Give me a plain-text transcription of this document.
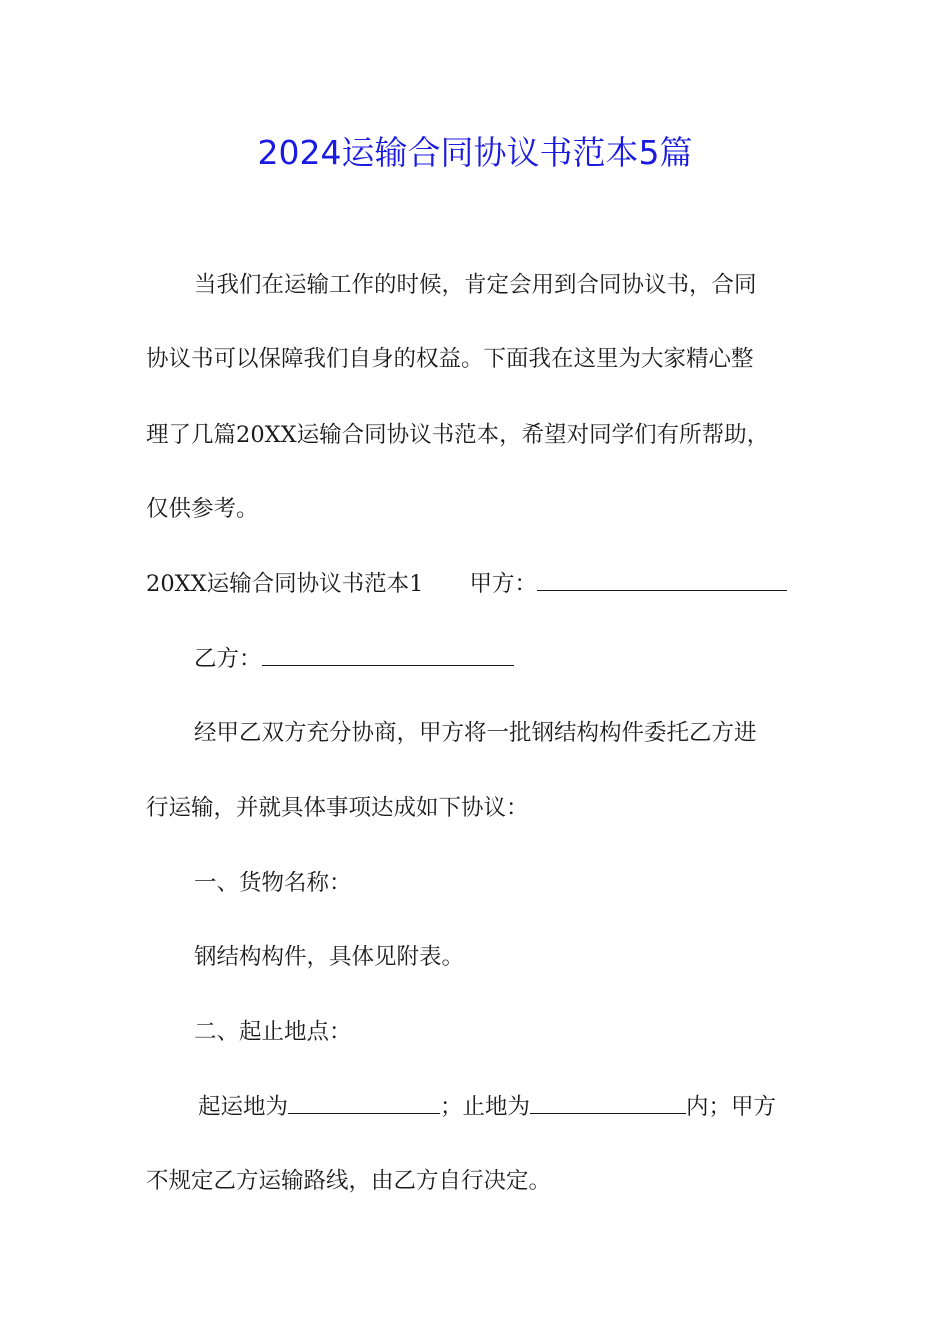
2024运输合同协议书范本5篇
当我们在运输工作的时候，肯定会用到合同协议书，合同
协议书可以保障我们自身的权益。下面我在这里为大家精心整
理了几篇20XX运输合同协议书范本，希望对同学们有所帮助，
仅供参考。
20XX运输合同协议书范本1 甲方：
乙方：
经甲乙双方充分协商，甲方将一批钢结构构件委托乙方进
行运输，并就具体事项达成如下协议：
一、货物名称：
钢结构构件，具体见附表。
二、起止地点：
起运地为	；止地为	内；甲方
不规定乙方运输路线，由乙方自行决定。
